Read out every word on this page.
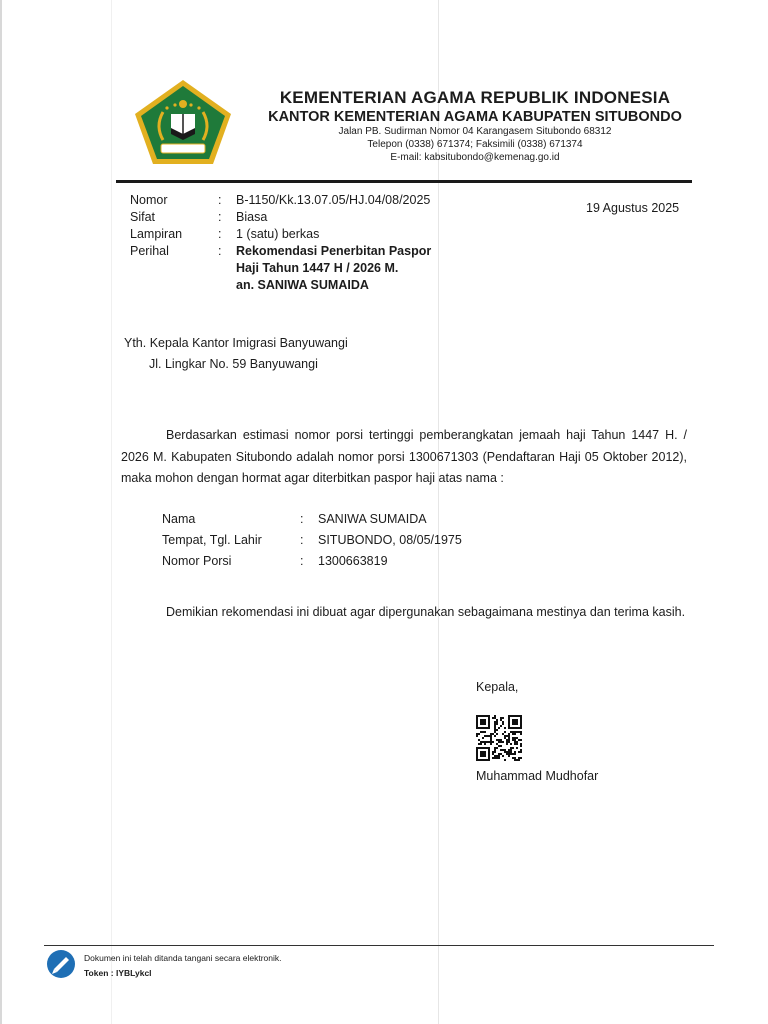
KEMENTERIAN AGAMA REPUBLIK INDONESIA
KANTOR KEMENTERIAN AGAMA KABUPATEN SITUBONDO
Jalan PB. Sudirman Nomor 04 Karangasem Situbondo 68312
Telepon (0338) 671374; Faksimili (0338) 671374
E-mail: kabsitubondo@kemenag.go.id
Nomor	:	B-1150/Kk.13.07.05/HJ.04/08/2025
Sifat	:	Biasa
Lampiran	:	1 (satu) berkas
Perihal	:	Rekomendasi Penerbitan Paspor
Haji Tahun 1447 H / 2026 M.
an. SANIWA SUMAIDA
19 Agustus 2025
Yth. Kepala Kantor Imigrasi Banyuwangi
Jl. Lingkar No. 59 Banyuwangi
Berdasarkan estimasi nomor porsi tertinggi pemberangkatan jemaah haji Tahun 1447 H. / 2026 M. Kabupaten Situbondo adalah nomor porsi 1300671303 (Pendaftaran Haji 05 Oktober 2012), maka mohon dengan hormat agar diterbitkan paspor haji atas nama :
Nama	:	SANIWA SUMAIDA
Tempat, Tgl. Lahir	:	SITUBONDO, 08/05/1975
Nomor Porsi	:	1300663819
Demikian rekomendasi ini dibuat agar dipergunakan sebagaimana mestinya dan terima kasih.
Kepala,
Muhammad Mudhofar
Dokumen ini telah ditanda tangani secara elektronik.
Token : IYBLykcl
